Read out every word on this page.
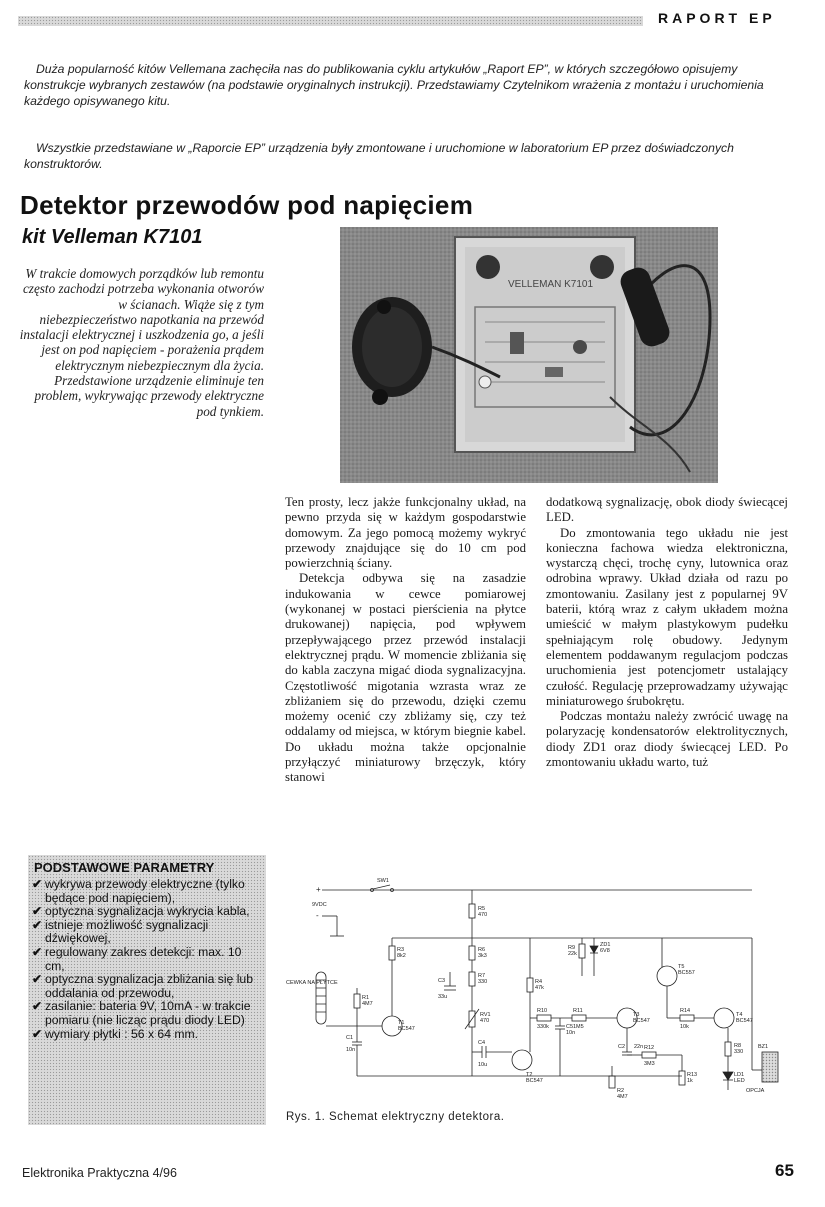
RAPORT EP
Duża popularność kitów Vellemana zachęciła nas do publikowania cyklu artykułów „Raport EP”, w których szczegółowo opisujemy konstrukcje wybranych zestawów (na podstawie oryginalnych instrukcji). Przedstawiamy Czytelnikom wrażenia z montażu i uruchomienia każdego opisywanego kitu.
Wszystkie przedstawiane w „Raporcie EP” urządzenia były zmontowane i uruchomione w laboratorium EP przez doświadczonych konstruktorów.
Detektor przewodów pod napięciem
kit Velleman K7101
W trakcie domowych porządków lub remontu często zachodzi potrzeba wykonania otworów w ścianach. Wiąże się z tym niebezpieczeństwo napotkania na przewód instalacji elektrycznej i uszkodzenia go, a jeśli jest on pod napięciem - porażenia prądem elektrycznym niebezpiecznym dla życia. Przedstawione urządzenie eliminuje ten problem, wykrywając przewody elektryczne pod tynkiem.
VELLEMAN K7101

Ten prosty, lecz jakże funkcjonalny układ, na pewno przyda się w każdym gospodarstwie domowym. Za jego pomocą możemy wykryć przewody znajdujące się do 10 cm pod powierzchnią ściany.

Detekcja odbywa się na zasadzie indukowania w cewce pomiarowej (wykonanej w postaci pierścienia na płytce drukowanej) napięcia, pod wpływem przepływającego przez przewód instalacji elektrycznej prądu. W momencie zbliżania się do kabla zaczyna migać dioda sygnalizacyjna. Częstotliwość migotania wzrasta wraz ze zbliżaniem się do przewodu, dzięki czemu możemy ocenić czy zbliżamy się, czy też oddalamy od miejsca, w którym biegnie kabel. Do układu można także opcjonalnie przyłączyć miniaturowy brzęczyk, który stanowi

dodatkową sygnalizację, obok diody świecącej LED.

Do zmontowania tego układu nie jest konieczna fachowa wiedza elektroniczna, wystarczą chęci, trochę cyny, lutownica oraz odrobina wprawy. Układ działa od razu po zmontowaniu. Zasilany jest z popularnej 9V baterii, którą wraz z całym układem można umieścić w małym plastykowym pudełku spełniającym rolę obudowy. Jedynym elementem poddawanym regulacjom podczas uruchomienia jest potencjometr ustalający czułość. Regulację przeprowadzamy używając miniaturowego śrubokrętu.

Podczas montażu należy zwrócić uwagę na polaryzację kondensatorów elektrolitycznych, diody ZD1 oraz diody świecącej LED. Po zmontowaniu układu warto, tuż

PODSTAWOWE PARAMETRY
✔ wykrywa przewody elektryczne (tylko będące pod napięciem),
✔ optyczna sygnalizacja wykrycia kabla,
✔ istnieje możliwość sygnalizacji dźwiękowej,
✔ regulowany zakres detekcji: max. 10 cm,
✔ optyczna sygnalizacja zbliżania się lub oddalania od przewodu,
✔ zasilanie: bateria 9V, 10mA - w trakcie pomiaru (nie licząc prądu diody LED)
✔ wymiary płytki : 56 x 64 mm.
SW1
+
-
9VDC
R5
470
R3
8k2
R6
3k3
R9
22k
ZD1
6V8
CEWKA NA PŁYTCE
R1
4M7
T1
BC547
C3
33u
R7
330
RV1
470
R4
47k
R10
330k
R11
1M5
T2
BC547
T3
BC547
C4
10u
C5
10n
C1
10n	C2 22n R12
3M3
R13
1k
R14
10k
T5
BC557
T4
BC547
R8
330
LD1
LED
R2
4M7
BZ1
OPCJA
Rys. 1. Schemat elektryczny detektora.
Elektronika Praktyczna 4/96	65
